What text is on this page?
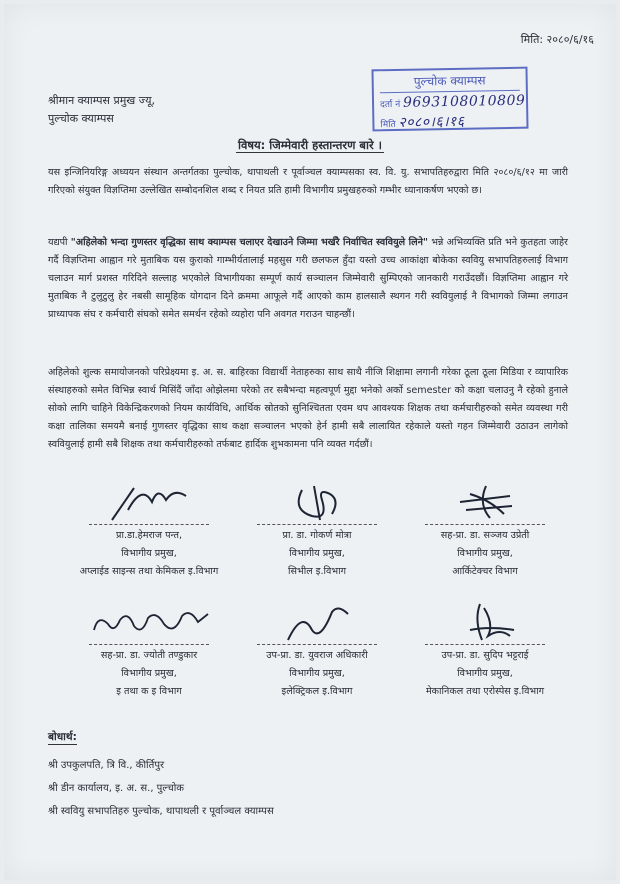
मिति: २०८०/६/१६
श्रीमान क्याम्पस प्रमुख ज्यू,
पुल्चोक क्याम्पस
पुल्चोक क्याम्पस
दर्ता नं 9693108010809
मिति २०८०।६।१६
विषय: जिम्मेवारी हस्तान्तरण बारे ।

यस इन्जिनियरिङ्ग अध्ययन संस्थान अन्तर्गतका पुल्चोक, थापाथली र पूर्वाञ्चल क्याम्पसका स्व. वि. यु. सभापतिहरुद्वारा मिति २०८०/६/१२ मा जारी गरिएको संयुक्त विज्ञप्तिमा उल्लेखित सम्बोदनशिल शब्द र नियत प्रति हामी विभागीय प्रमुखहरुको गम्भीर ध्यानाकर्षण भएको छ।

यद्यपी "अहिलेको भन्दा गुणस्तर वृद्धिका साथ क्याम्पस चलाएर देखाउने जिम्मा भर्खरै निर्वाचित स्ववियुले लिने" भन्ने अभिव्यक्ति प्रति भने कुतहता जाहेर गर्दै विज्ञप्तिमा आह्वान गरे मुताबिक यस कुराको गाम्भीर्यतालाई महसुस गरी छलफल हुँदा यस्तो उच्च आकांक्षा बोकेका स्ववियु सभापतिहरुलाई विभाग चलाउन मार्ग प्रशस्त गरिदिने सल्लाह भएकोले विभागीयका सम्पूर्ण कार्य सञ्चालन जिम्मेवारी सुम्पिएको जानकारी गराउँदछौं। विज्ञप्तिमा आह्वान गरे मुताबिक नै टुलुटुलु हेर नबसी सामूहिक योगदान दिने क्रममा आफूले गर्दै आएको काम हालसालै स्थगन गरी स्ववियुलाई नै विभागको जिम्मा लगाउन प्राध्यापक संघ र कर्मचारी संघको समेत समर्थन रहेको व्यहोरा पनि अवगत गराउन चाहन्छौं।

अहिलेको शुल्क समायोजनको परिप्रेक्ष्यमा इ. अ. स. बाहिरका विद्यार्थी नेताहरुका साथ साथै नीजि शिक्षामा लगानी गरेका ठूला ठूला मिडिया र व्यापारिक संस्थाहरुको समेत विभिन्न स्वार्थ मिसिंदैं जाँदा ओझेलमा परेको तर सबैभन्दा महत्वपूर्ण मुद्दा भनेको अर्को semester को कक्षा चलाउनु नै रहेको हुनाले सोको लागि चाहिने विकेन्द्रिकरणको नियम कार्यविधि, आर्थिक स्रोतको सुनिश्चितता एवम थप आवश्यक शिक्षक तथा कर्मचारीहरुको समेत व्यवस्था गरी कक्षा तालिका समयमै बनाई गुणस्तर वृद्धिका साथ कक्षा सञ्चालन भएको हेर्न हामी सबै लालायित रहेकाले यस्तो गहन जिम्मेवारी उठाउन लागेको स्ववियुलाई हामी सबै शिक्षक तथा कर्मचारीहरुको तर्फबाट हार्दिक शुभकामना पनि व्यक्त गर्दछौं।

प्रा.डा.हेमराज पन्त,
विभागीय प्रमुख,
अप्लाईड साइन्स तथा केमिकल इ.विभाग
प्रा. डा. गोकर्ण मोत्रा
विभागीय प्रमुख,
सिभील इ.विभाग
सह-प्रा. डा. सञ्जय उप्रेती
विभागीय प्रमुख,
आर्किटेक्चर विभाग
सह-प्रा. डा. ज्योती तण्डुकार
विभागीय प्रमुख,
इ तथा क इ विभाग
उप-प्रा. डा. युवराज अधिकारी
विभागीय प्रमुख,
इलेक्ट्रिकल इ.विभाग
उप-प्रा. डा. सुदिप भट्टराई
विभागीय प्रमुख,
मेकानिकल तथा एरोस्पेस इ.विभाग
बोधार्थ:
श्री उपकुलपति, त्रि वि., कीर्तिपुर
श्री डीन कार्यालय, इ. अ. स., पुल्चोक
श्री स्ववियु सभापतिहरु पुल्चोक, थापाथली र पूर्वाञ्चल क्याम्पस
